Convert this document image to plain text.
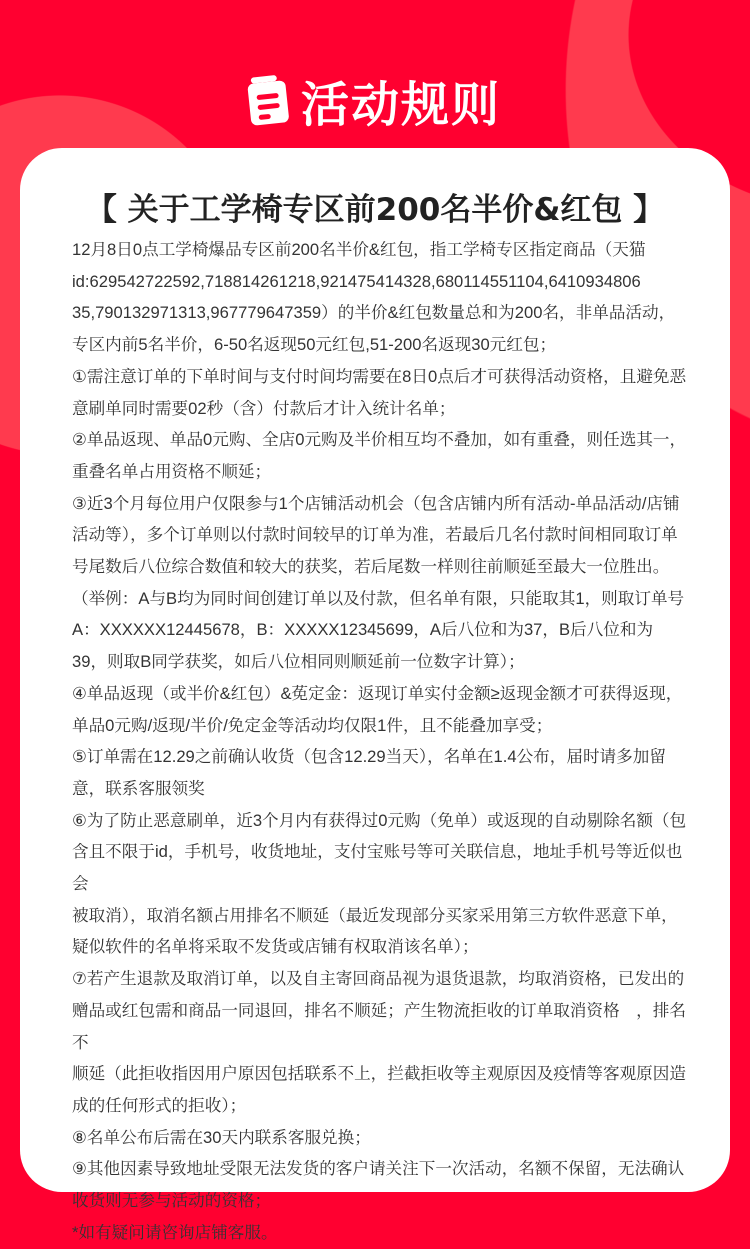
活动规则
【 关于工学椅专区前200名半价&红包 】
12月8日0点工学椅爆品专区前200名半价&红包，指工学椅专区指定商品（天猫
id:629542722592,718814261218,921475414328,680114551104,6410934806
35,790132971313,967779647359）的半价&红包数量总和为200名，非单品活动，
专区内前5名半价，6-50名返现50元红包,51-200名返现30元红包；
①需注意订单的下单时间与支付时间均需要在8日0点后才可获得活动资格，且避免恶
意刷单同时需要02秒（含）付款后才计入统计名单；
②单品返现、单品0元购、全店0元购及半价相互均不叠加，如有重叠，则任选其一，
重叠名单占用资格不顺延；
③近3个月每位用户仅限参与1个店铺活动机会（包含店铺内所有活动-单品活动/店铺
活动等），多个订单则以付款时间较早的订单为准，若最后几名付款时间相同取订单
号尾数后八位综合数值和较大的获奖，若后尾数一样则往前顺延至最大一位胜出。
（举例：A与B均为同时间创建订单以及付款，但名单有限，只能取其1，则取订单号
A：XXXXXX12445678，B：XXXXX12345699，A后八位和为37，B后八位和为
39，则取B同学获奖，如后八位相同则顺延前一位数字计算）；
④单品返现（或半价&红包）&莬定金：返现订单实付金额≥返现金额才可获得返现，
单品0元购/返现/半价/免定金等活动均仅限1件，且不能叠加享受；
⑤订单需在12.29之前确认收货（包含12.29当天），名单在1.4公布，届时请多加留
意，联系客服领奖
⑥为了防止恶意刷单，近3个月内有获得过0元购（免单）或返现的自动剔除名额（包
含且不限于id，手机号，收货地址，支付宝账号等可关联信息，地址手机号等近似也会
被取消），取消名额占用排名不顺延（最近发现部分买家采用第三方软件恶意下单，
疑似软件的名单将采取不发货或店铺有权取消该名单）；
⑦若产生退款及取消订单，以及自主寄回商品视为退货退款，均取消资格，已发出的
赠品或红包需和商品一同退回，排名不顺延；产生物流拒收的订单取消资格　，排名不
顺延（此拒收指因用户原因包括联系不上，拦截拒收等主观原因及疫情等客观原因造
成的任何形式的拒收）；
⑧名单公布后需在30天内联系客服兑换；
⑨其他因素导致地址受限无法发货的客户请关注下一次活动，名额不保留，无法确认
收货则无参与活动的资格；
*如有疑问请咨询店铺客服。
